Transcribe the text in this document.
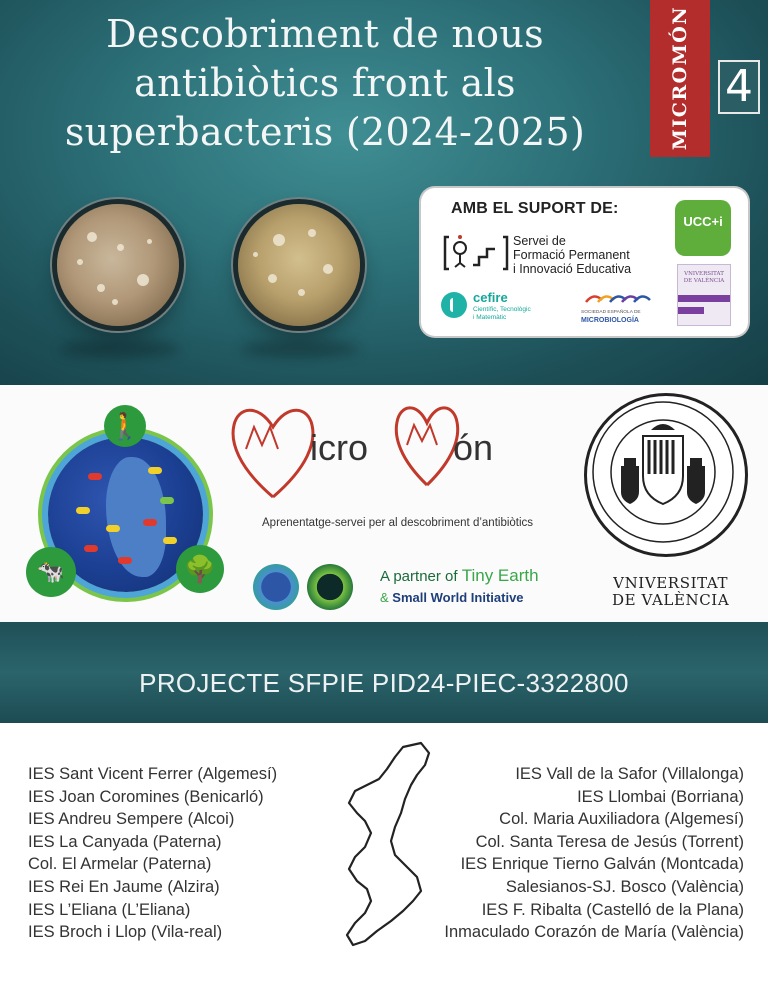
Descobriment de nous
antibiòtics front als
superbacteris (2024-2025)	MICROMÓN 4
AMB EL SUPORT DE:
Servei de
Formació Permanent
i Innovació Educativa
UCC+i
VNIVERSITAT
DE VALÈNCIA
cefire
Científic, Tecnològic
i Matemàtic
SOCIEDAD ESPAÑOLA DE
MICROBIOLOGÍA
🚶
🐄	🌳
icro ón
Aprenentatge-servei per al descobriment d’antibiòtics
A partner of Tiny Earth
& Small World Initiative
VNIVERSITAT
DE VALÈNCIA
PROJECTE SFPIE PID24-PIEC-3322800
IES Sant Vicent Ferrer (Algemesí)
IES Joan Coromines (Benicarló)
IES Andreu Sempere (Alcoi)
IES La Canyada (Paterna)
Col. El Armelar (Paterna)
IES Rei En Jaume (Alzira)
IES L’Eliana (L’Eliana)
IES Broch i Llop (Vila-real)
IES Vall de la Safor (Villalonga)
IES Llombai (Borriana)
Col. Maria Auxiliadora (Algemesí)
Col. Santa Teresa de Jesús (Torrent)
IES Enrique Tierno Galván (Montcada)
Salesianos-SJ. Bosco (València)
IES F. Ribalta (Castelló de la Plana)
Inmaculado Corazón de María (València)
